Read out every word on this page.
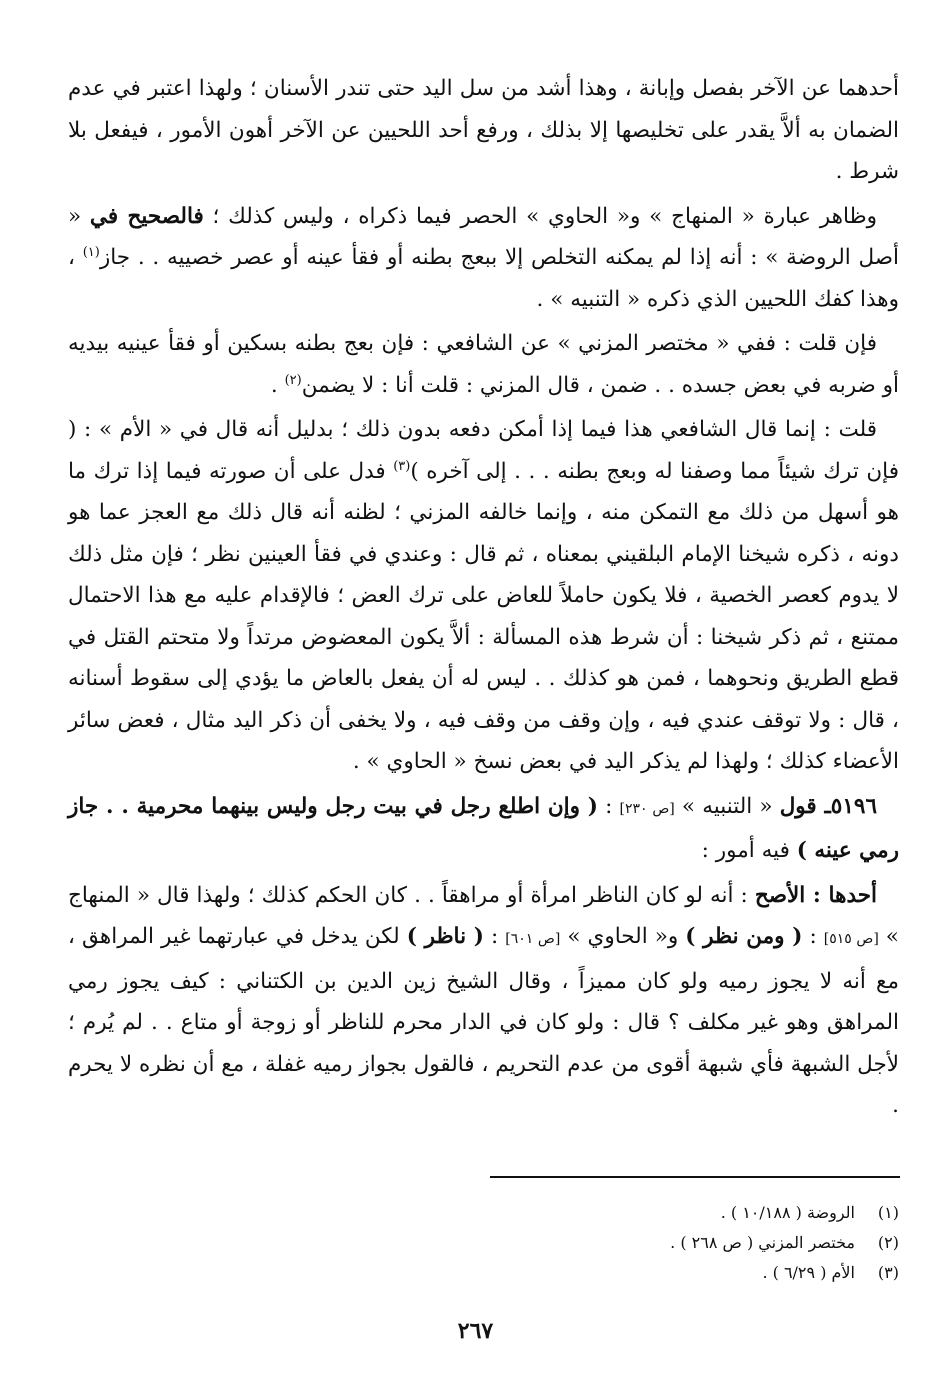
أحدهما عن الآخر بفصل وإبانة ، وهذا أشد من سل اليد حتى تندر الأسنان ؛ ولهذا اعتبر في عدم الضمان به ألاَّ يقدر على تخليصها إلا بذلك ، ورفع أحد اللحيين عن الآخر أهون الأمور ، فيفعل بلا شرط .

وظاهر عبارة « المنهاج » و« الحاوي » الحصر فيما ذكراه ، وليس كذلك ؛ فالصحيح في « أصل الروضة » : أنه إذا لم يمكنه التخلص إلا ببعج بطنه أو فقأ عينه أو عصر خصييه . . جاز$^{(١)}$ ، وهذا كفك اللحيين الذي ذكره « التنبيه » .

فإن قلت : ففي « مختصر المزني » عن الشافعي : فإن بعج بطنه بسكين أو فقأ عينيه بيديه أو ضربه في بعض جسده . . ضمن ، قال المزني : قلت أنا : لا يضمن$^{(٢)}$ .

قلت : إنما قال الشافعي هذا فيما إذا أمكن دفعه بدون ذلك ؛ بدليل أنه قال في « الأم » : ( فإن ترك شيئاً مما وصفنا له وبعج بطنه . . . إلى آخره )$^{(٣)}$ فدل على أن صورته فيما إذا ترك ما هو أسهل من ذلك مع التمكن منه ، وإنما خالفه المزني ؛ لظنه أنه قال ذلك مع العجز عما هو دونه ، ذكره شيخنا الإمام البلقيني بمعناه ، ثم قال : وعندي في فقأ العينين نظر ؛ فإن مثل ذلك لا يدوم كعصر الخصية ، فلا يكون حاملاً للعاض على ترك العض ؛ فالإقدام عليه مع هذا الاحتمال ممتنع ، ثم ذكر شيخنا : أن شرط هذه المسألة : ألاَّ يكون المعضوض مرتداً ولا متحتم القتل في قطع الطريق ونحوهما ، فمن هو كذلك . . ليس له أن يفعل بالعاض ما يؤدي إلى سقوط أسنانه ، قال : ولا توقف عندي فيه ، وإن وقف من وقف فيه ، ولا يخفى أن ذكر اليد مثال ، فعض سائر الأعضاء كذلك ؛ ولهذا لم يذكر اليد في بعض نسخ « الحاوي » .

٥١٩٦ـ قول « التنبيه » [ص ٢٣٠] : ( وإن اطلع رجل في بيت رجل وليس بينهما محرمية . . جاز رمي عينه ) فيه أمور :

أحدها : الأصح : أنه لو كان الناظر امرأة أو مراهقاً . . كان الحكم كذلك ؛ ولهذا قال « المنهاج » [ص ٥١٥] : ( ومن نظر ) و« الحاوي » [ص ٦٠١] : ( ناظر ) لكن يدخل في عبارتهما غير المراهق ، مع أنه لا يجوز رميه ولو كان مميزاً ، وقال الشيخ زين الدين بن الكتناني : كيف يجوز رمي المراهق وهو غير مكلف ؟ قال : ولو كان في الدار محرم للناظر أو زوجة أو متاع . . لم يُرم ؛ لأجل الشبهة فأي شبهة أقوى من عدم التحريم ، فالقول بجواز رميه غفلة ، مع أن نظره لا يحرم .

(١)الروضة ( ١٠/١٨٨ ) .
(٢)مختصر المزني ( ص ٢٦٨ ) .
(٣)الأم ( ٦/٢٩ ) .
٢٦٧
